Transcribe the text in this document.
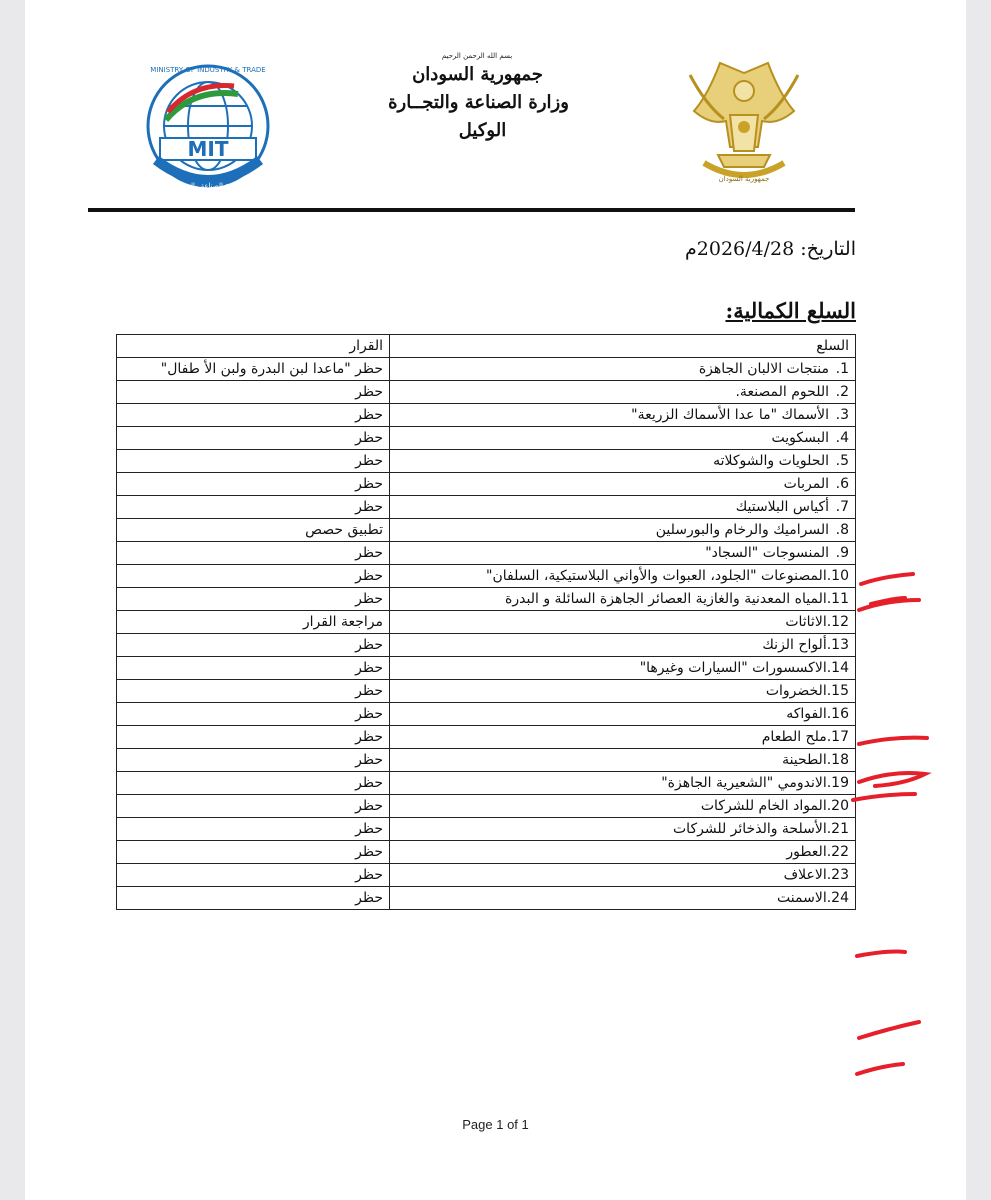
MIT
MINISTRY OF INDUSTRY & TRADE
وزارة الصناعة والتجارة
بسم الله الرحمن الرحيم
جمهورية السودان
وزارة الصناعة والتجــارة
الوكيل
جمهورية السودان
التاريخ: 2026/4/28م
السلع الكمالية:
السلع	القرار
1.منتجات الالبان الجاهزة	حظر "ماعدا لبن البدرة ولبن الأ طفال"
2.اللحوم المصنعة.	حظر
3.الأسماك "ما عدا الأسماك الزريعة"	حظر
4.البسكويت	حظر
5.الحلويات والشوكلاته	حظر
6.المربات	حظر
7.أكياس البلاستيك	حظر
8.السراميك والرخام والبورسلين	تطبيق حصص
9.المنسوجات "السجاد"	حظر
10.المصنوعات "الجلود، العبوات والأواني البلاستيكية، السلفان"	حظر
11.المياه المعدنية والغازية العصائر الجاهزة السائلة و البدرة	حظر
12.الاثاثات	مراجعة القرار
13.ألواح الزنك	حظر
14.الاكسسورات "السيارات وغيرها"	حظر
15.الخضروات	حظر
16.الفواكه	حظر
17.ملح الطعام	حظر
18.الطحينة	حظر
19.الاندومي "الشعيرية الجاهزة"	حظر
20.المواد الخام للشركات	حظر
21.الأسلحة والذخائر للشركات	حظر
22.العطور	حظر
23.الاعلاف	حظر
24.الاسمنت	حظر
Page 1 of 1
